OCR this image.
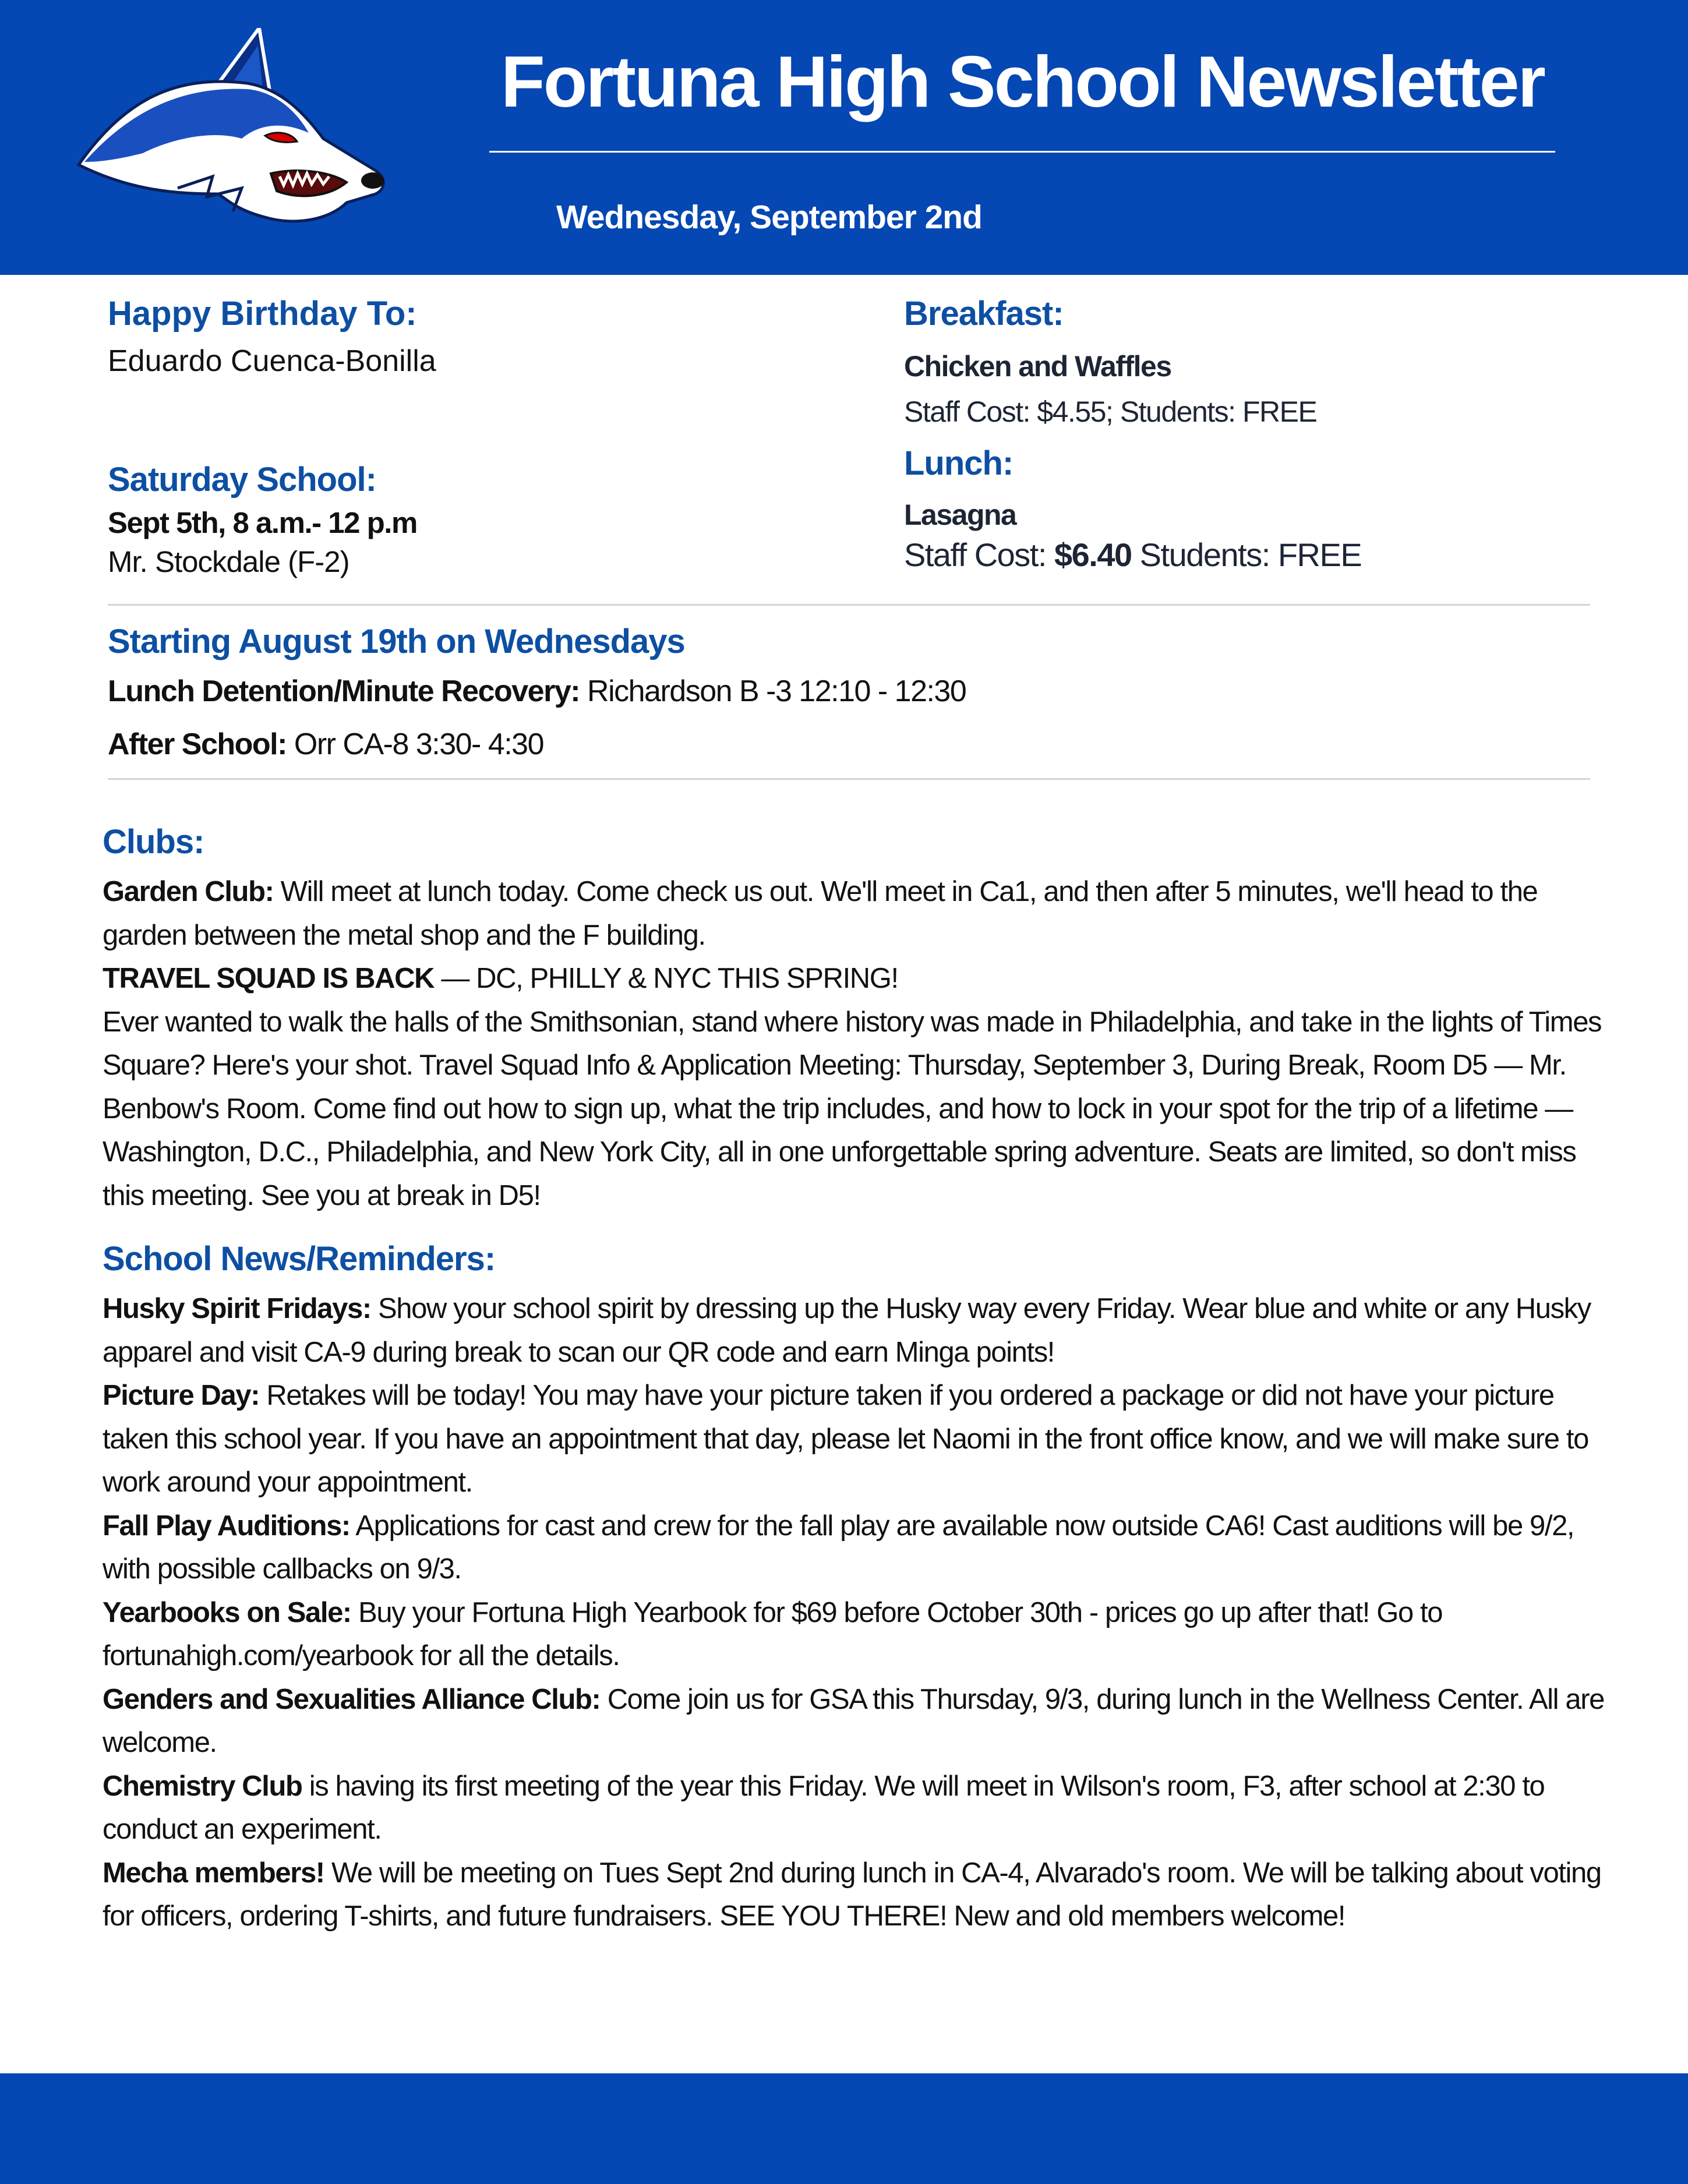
Fortuna High School Newsletter
Wednesday, September 2nd
Happy Birthday To:
Eduardo Cuenca-Bonilla
Saturday School:
Sept 5th, 8 a.m.- 12 p.m
Mr. Stockdale (F-2)
Breakfast:
Chicken and Waffles
Staff Cost: $4.55; Students: FREE
Lunch:
Lasagna
Staff Cost: $6.40 Students: FREE
Starting August 19th on Wednesdays
Lunch Detention/Minute Recovery: Richardson B -3 12:10 - 12:30
After School: Orr CA-8 3:30- 4:30
Clubs:

Garden Club: Will meet at lunch today. Come check us out. We'll meet in Ca1, and then after 5 minutes, we'll head to the garden between the metal shop and the F building.

TRAVEL SQUAD IS BACK — DC, PHILLY & NYC THIS SPRING!

Ever wanted to walk the halls of the Smithsonian, stand where history was made in Philadelphia, and take in the lights of Times Square? Here's your shot. Travel Squad Info & Application Meeting: Thursday, September 3, During Break, Room D5 — Mr. Benbow's Room. Come find out how to sign up, what the trip includes, and how to lock in your spot for the trip of a lifetime — Washington, D.C., Philadelphia, and New York City, all in one unforgettable spring adventure. Seats are limited, so don't miss this meeting. See you at break in D5!

School News/Reminders:

Husky Spirit Fridays: Show your school spirit by dressing up the Husky way every Friday. Wear blue and white or any Husky apparel and visit CA-9 during break to scan our QR code and earn Minga points!

Picture Day: Retakes will be today! You may have your picture taken if you ordered a package or did not have your picture taken this school year. If you have an appointment that day, please let Naomi in the front office know, and we will make sure to work around your appointment.

Fall Play Auditions: Applications for cast and crew for the fall play are available now outside CA6! Cast auditions will be 9/2, with possible callbacks on 9/3.

Yearbooks on Sale: Buy your Fortuna High Yearbook for $69 before October 30th - prices go up after that! Go to fortunahigh.com/yearbook for all the details.

Genders and Sexualities Alliance Club: Come join us for GSA this Thursday, 9/3, during lunch in the Wellness Center. All are welcome.

Chemistry Club is having its first meeting of the year this Friday. We will meet in Wilson's room, F3, after school at 2:30 to conduct an experiment.

Mecha members! We will be meeting on Tues Sept 2nd during lunch in CA-4, Alvarado's room. We will be talking about voting for officers, ordering T-shirts, and future fundraisers. SEE YOU THERE! New and old members welcome!
